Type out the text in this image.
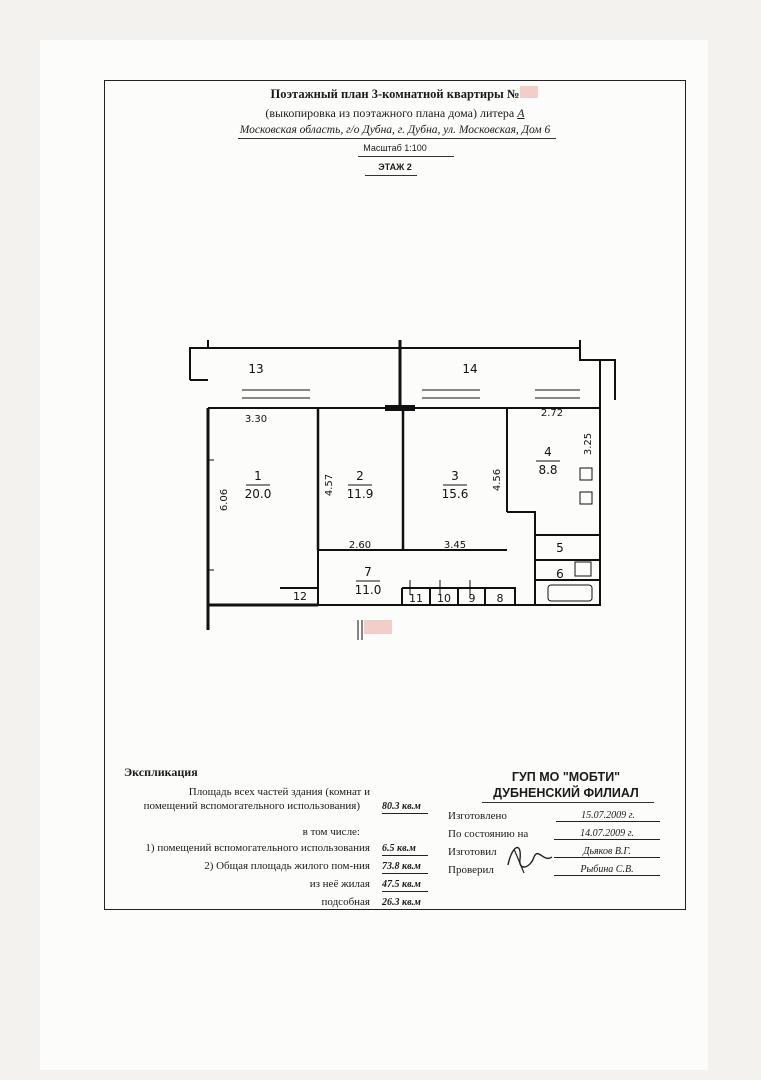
Поэтажный план 3-комнатной квартиры №
(выкопировка из поэтажного плана дома) литера А
Московская область, г/о Дубна, г. Дубна, ул. Московская, Дом 6
Масштаб 1:100
ЭТАЖ 2
1
20.0
2
11.9
3
15.6
4
8.8
5
6
7
11.0
8
9
10
11
12
13	14
3.30
2.72
3.25
6.06
4.57	4.56
2.60	3.45
Экспликация
Площадь всех частей здания (комнат и
помещений вспомогательного использования) 80.3 кв.м
в том числе:
1) помещений вспомогательного использования 6.5 кв.м
2) Общая площадь жилого пом-ния 73.8 кв.м
из неё жилая 47.5 кв.м
подсобная 26.3 кв.м
ГУП МО "МОБТИ"
ДУБНЕНСКИЙ ФИЛИАЛ
Изготовлено	15.07.2009 г.
По состоянию на	14.07.2009 г.
Изготовил	Дьяков В.Г.
Проверил	Рыбина С.В.
